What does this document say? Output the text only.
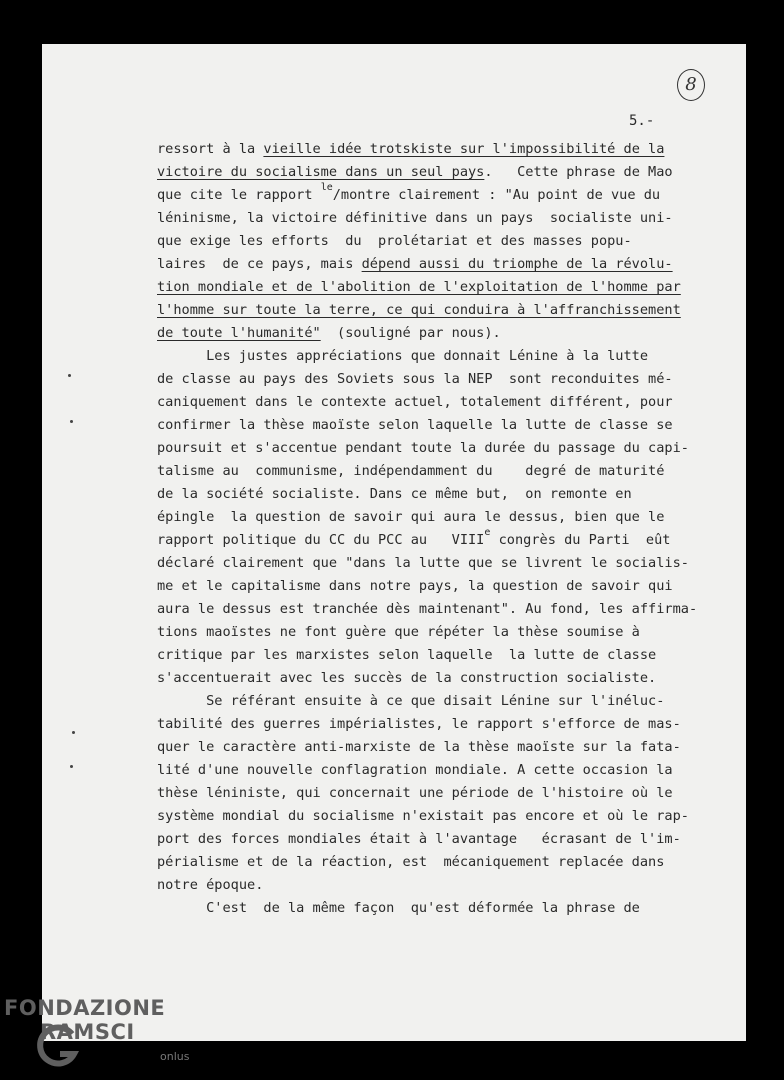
5.-
8
ressort à la vieille idée trotskiste sur l'impossibilité de la
victoire du socialisme dans un seul pays.   Cette phrase de Mao
que cite le rapport $^{le}$/montre clairement : "Au point de vue du
léninisme, la victoire définitive dans un pays  socialiste uni-
que exige les efforts  du  prolétariat et des masses popu-
laires  de ce pays, mais dépend aussi du triomphe de la révolu-
tion mondiale et de l'abolition de l'exploitation de l'homme par
l'homme sur toute la terre, ce qui conduira à l'affranchissement
de toute l'humanité"  (souligné par nous).
Les justes appréciations que donnait Lénine à la lutte
de classe au pays des Soviets sous la NEP  sont reconduites mé-
caniquement dans le contexte actuel, totalement différent, pour
confirmer la thèse maoïste selon laquelle la lutte de classe se
poursuit et s'accentue pendant toute la durée du passage du capi-
talisme au  communisme, indépendamment du    degré de maturité
de la société socialiste. Dans ce même but,  on remonte en
épingle  la question de savoir qui aura le dessus, bien que le
rapport politique du CC du PCC au   VIIIe congrès du Parti  eût
déclaré clairement que "dans la lutte que se livrent le socialis-
me et le capitalisme dans notre pays, la question de savoir qui
aura le dessus est tranchée dès maintenant". Au fond, les affirma-
tions maoïstes ne font guère que répéter la thèse soumise à
critique par les marxistes selon laquelle  la lutte de classe
s'accentuerait avec les succès de la construction socialiste.
Se référant ensuite à ce que disait Lénine sur l'inéluc-
tabilité des guerres impérialistes, le rapport s'efforce de mas-
quer le caractère anti-marxiste de la thèse maoïste sur la fata-
lité d'une nouvelle conflagration mondiale. A cette occasion la
thèse léniniste, qui concernait une période de l'histoire où le
système mondial du socialisme n'existait pas encore et où le rap-
port des forces mondiales était à l'avantage   écrasant de l'im-
périalisme et de la réaction, est  mécaniquement replacée dans
notre époque.
C'est  de la même façon  qu'est déformée la phrase de
FONDAZIONE
RAMSCI
onlus
